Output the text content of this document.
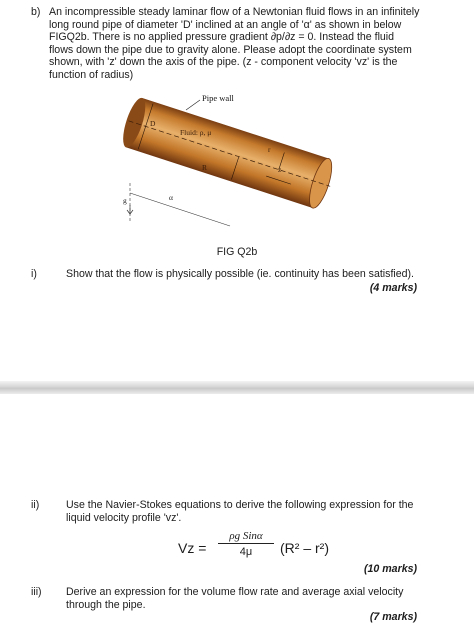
b) An incompressible steady laminar flow of a Newtonian fluid flows in an infinitely
long round pipe of diameter 'D' inclined at an angle of 'α' as shown in below
FIGQ2b. There is no applied pressure gradient ∂p/∂z = 0. Instead the fluid
flows down the pipe due to gravity alone. Please adopt the coordinate system
shown, with 'z' down the axis of the pipe. (z - component velocity 'vz' is the
function of radius)
Pipe wall
Fluid: ρ, μ
D
R	z
r
g	α
FIG Q2b
i)	Show that the flow is physically possible (ie. continuity has been satisfied).
(4 marks)
ii)	Use the Navier-Stokes equations to derive the following expression for the
liquid velocity profile 'vz'.
Vz =
ρg Sinα
4μ	(R² – r²)
(10 marks)
iii) Derive an expression for the volume flow rate and average axial velocity
through the pipe.
(7 marks)
